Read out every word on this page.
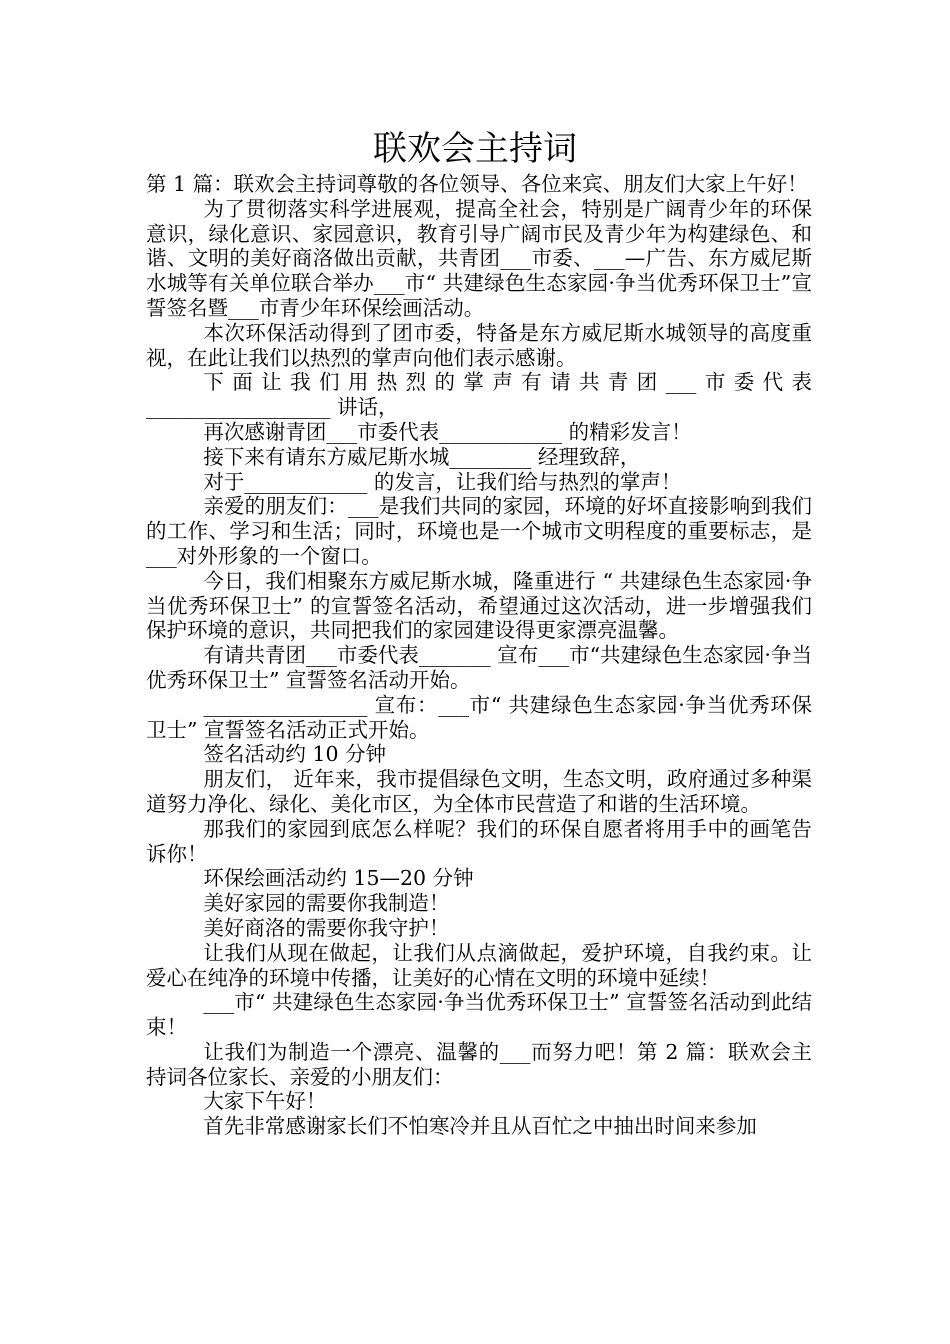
联欢会主持词

第 1 篇：联欢会主持词尊敬的各位领导、各位来宾、朋友们大家上午好！

为了贯彻落实科学进展观，提高全社会，特别是广阔青少年的环保意识，绿化意识、家园意识，教育引导广阔市民及青少年为构建绿色、和谐、文明的美好商洛做出贡献，共青团___市委、___—广告、东方威尼斯水城等有关单位联合举办___市“ 共建绿色生态家园·争当优秀环保卫士”宣誓签名暨___市青少年环保绘画活动。

本次环保活动得到了团市委，特备是东方威尼斯水城领导的高度重视，在此让我们以热烈的掌声向他们表示感谢。

下面让我们用热烈的掌声有请共青团___市委代表 __________________ 讲话，

再次感谢青团___市委代表____________ 的精彩发言！

接下来有请东方威尼斯水城________ 经理致辞，

对于____________ 的发言，让我们给与热烈的掌声！

亲爱的朋友们：___是我们共同的家园，环境的好坏直接影响到我们的工作、学习和生活；同时，环境也是一个城市文明程度的重要标志，是___对外形象的一个窗口。

今日，我们相聚东方威尼斯水城，隆重进行 “ 共建绿色生态家园·争当优秀环保卫士” 的宣誓签名活动，希望通过这次活动，进一步增强我们保护环境的意识，共同把我们的家园建设得更家漂亮温馨。

有请共青团___市委代表_______ 宣布___市“共建绿色生态家园·争当优秀环保卫士” 宣誓签名活动开始。

________________ 宣布：___市“ 共建绿色生态家园·争当优秀环保卫士” 宣誓签名活动正式开始。

签名活动约 10 分钟

朋友们， 近年来，我市提倡绿色文明，生态文明，政府通过多种渠道努力净化、绿化、美化市区，为全体市民营造了和谐的生活环境。

那我们的家园到底怎么样呢？我们的环保自愿者将用手中的画笔告诉你！

环保绘画活动约 15—20 分钟

美好家园的需要你我制造！

美好商洛的需要你我守护！

让我们从现在做起，让我们从点滴做起，爱护环境，自我约束。让爱心在纯净的环境中传播，让美好的心情在文明的环境中延续！

___市“ 共建绿色生态家园·争当优秀环保卫士” 宣誓签名活动到此结束！

让我们为制造一个漂亮、温馨的___而努力吧！第 2 篇：联欢会主持词各位家长、亲爱的小朋友们：

大家下午好！

首先非常感谢家长们不怕寒冷并且从百忙之中抽出时间来参加
